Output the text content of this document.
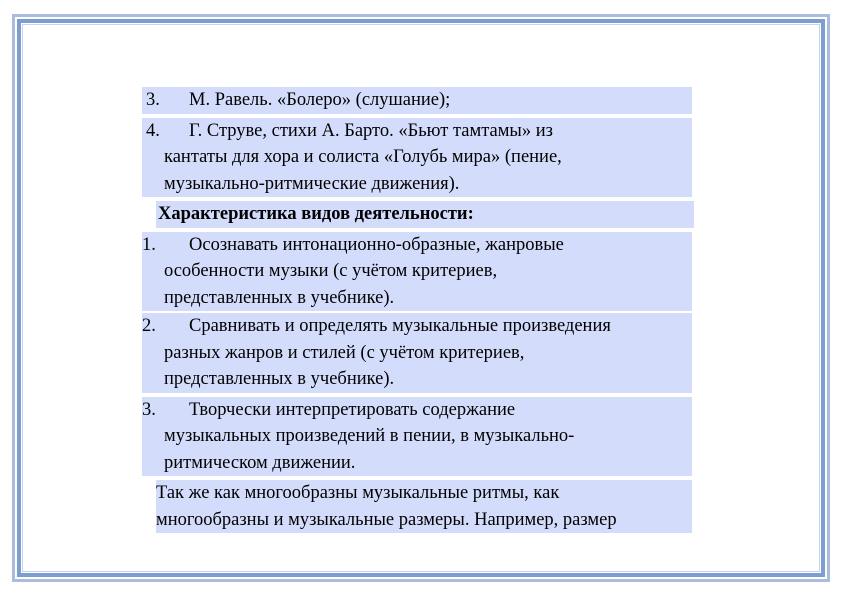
3.	М. Равель. «Болеро» (слушание);
4.	Г. Струве, стихи А. Барто. «Бьют тамтамы» из
кантаты для хора и солиста «Голубь мира» (пение,
музыкально-ритмические движения).
Характеристика видов деятельности:
1.	Осознавать интонационно-образные, жанровые
особенности музыки (с учётом критериев,
представленных в учебнике).
2.	Сравнивать и определять музыкальные произведения
разных жанров и стилей (с учётом критериев,
представленных в учебнике).
3.	Творчески интерпретировать содержание
музыкальных произведений в пении, в музыкально-
ритмическом движении.
Так же как многообразны музыкальные ритмы, как
многообразны и музыкальные размеры. Например, размер
